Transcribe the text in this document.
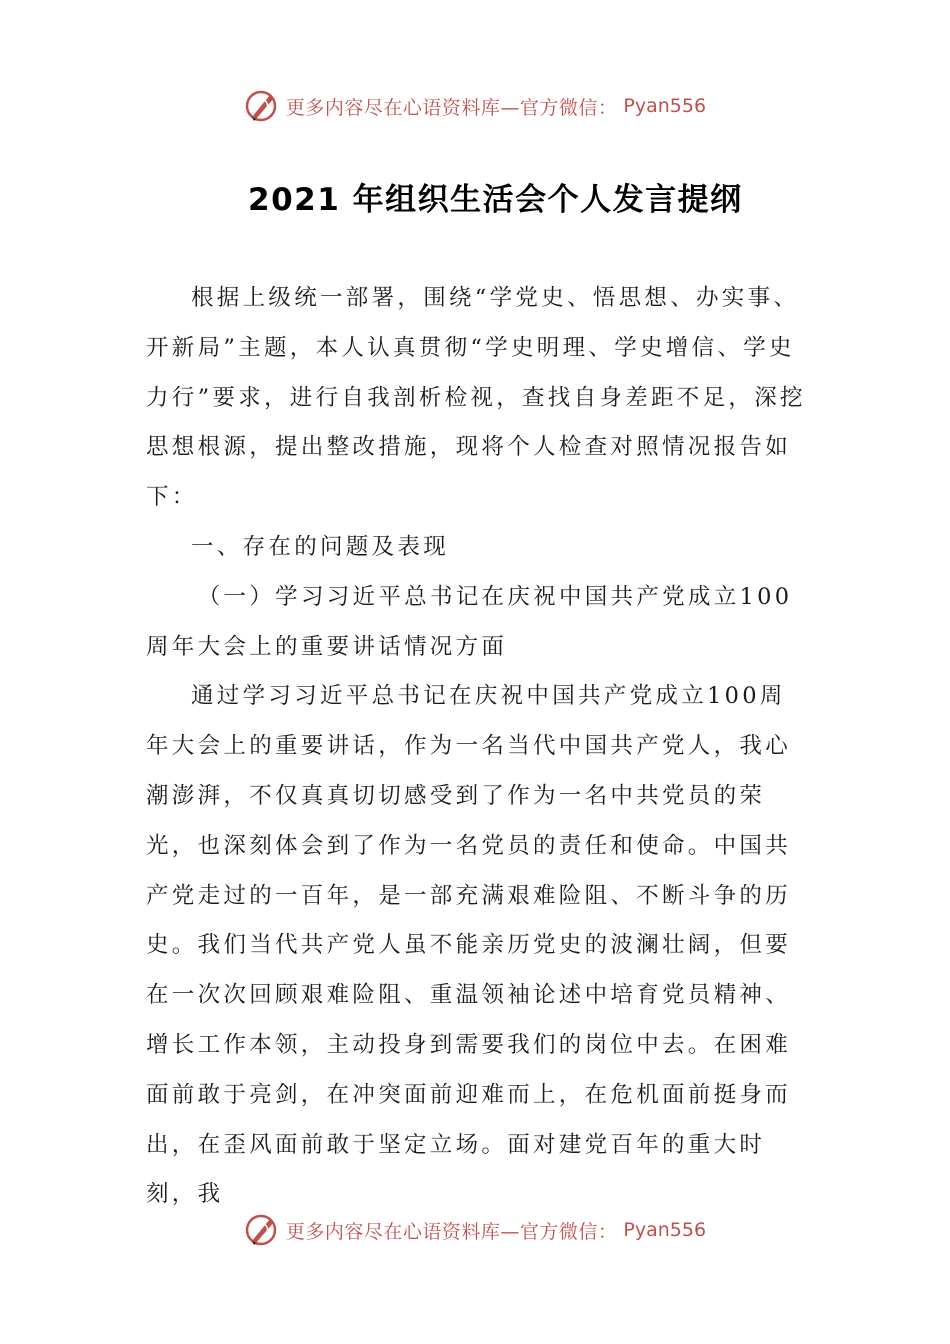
更多内容尽在心语资料库—官方微信： Pyan556
2021 年组织生活会个人发言提纲

根据上级统一部署，围绕“学党史、悟思想、办实事、开新局”主题，本人认真贯彻“学史明理、学史增信、学史力行”要求，进行自我剖析检视，查找自身差距不足，深挖思想根源，提出整改措施，现将个人检查对照情况报告如下：

一、存在的问题及表现

（一）学习习近平总书记在庆祝中国共产党成立100周年大会上的重要讲话情况方面

通过学习习近平总书记在庆祝中国共产党成立100周年大会上的重要讲话，作为一名当代中国共产党人，我心潮澎湃，不仅真真切切感受到了作为一名中共党员的荣光，也深刻体会到了作为一名党员的责任和使命。中国共产党走过的一百年，是一部充满艰难险阻、不断斗争的历史。我们当代共产党人虽不能亲历党史的波澜壮阔，但要在一次次回顾艰难险阻、重温领袖论述中培育党员精神、增长工作本领，主动投身到需要我们的岗位中去。在困难面前敢于亮剑，在冲突面前迎难而上，在危机面前挺身而出，在歪风面前敢于坚定立场。面对建党百年的重大时刻，我

更多内容尽在心语资料库—官方微信： Pyan556
